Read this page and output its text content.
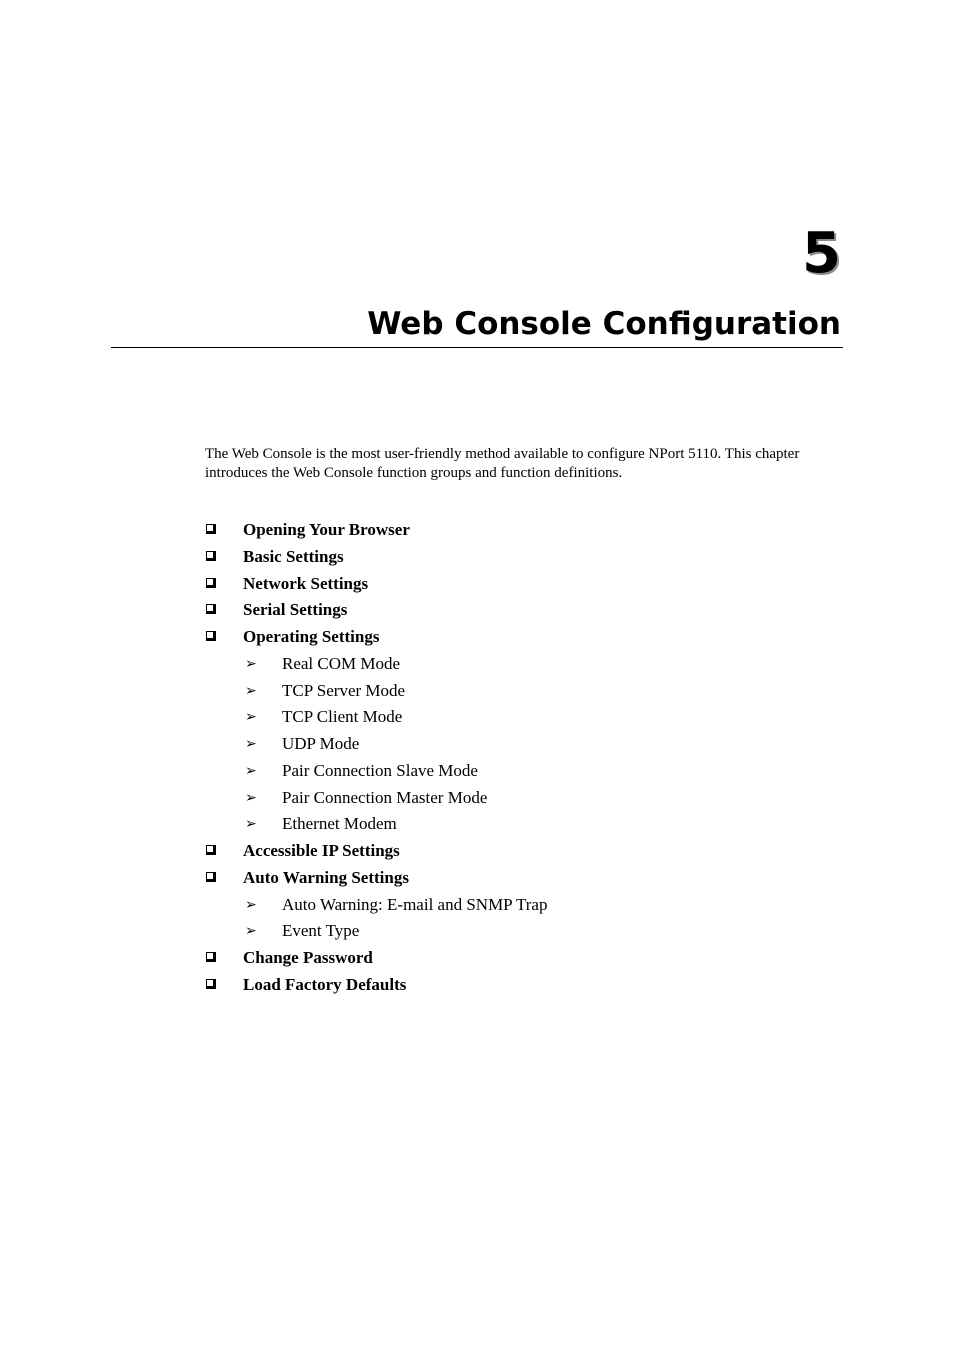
5
Web Console Configuration

The Web Console is the most user-friendly method available to configure NPort 5110. This chapter introduces the Web Console function groups and function definitions.

Opening Your Browser
Basic Settings
Network Settings
Serial Settings
Operating Settings
➢ Real COM Mode
➢ TCP Server Mode
➢ TCP Client Mode
➢ UDP Mode
➢ Pair Connection Slave Mode
➢ Pair Connection Master Mode
➢ Ethernet Modem
Accessible IP Settings
Auto Warning Settings
➢ Auto Warning: E-mail and SNMP Trap
➢ Event Type
Change Password
Load Factory Defaults
